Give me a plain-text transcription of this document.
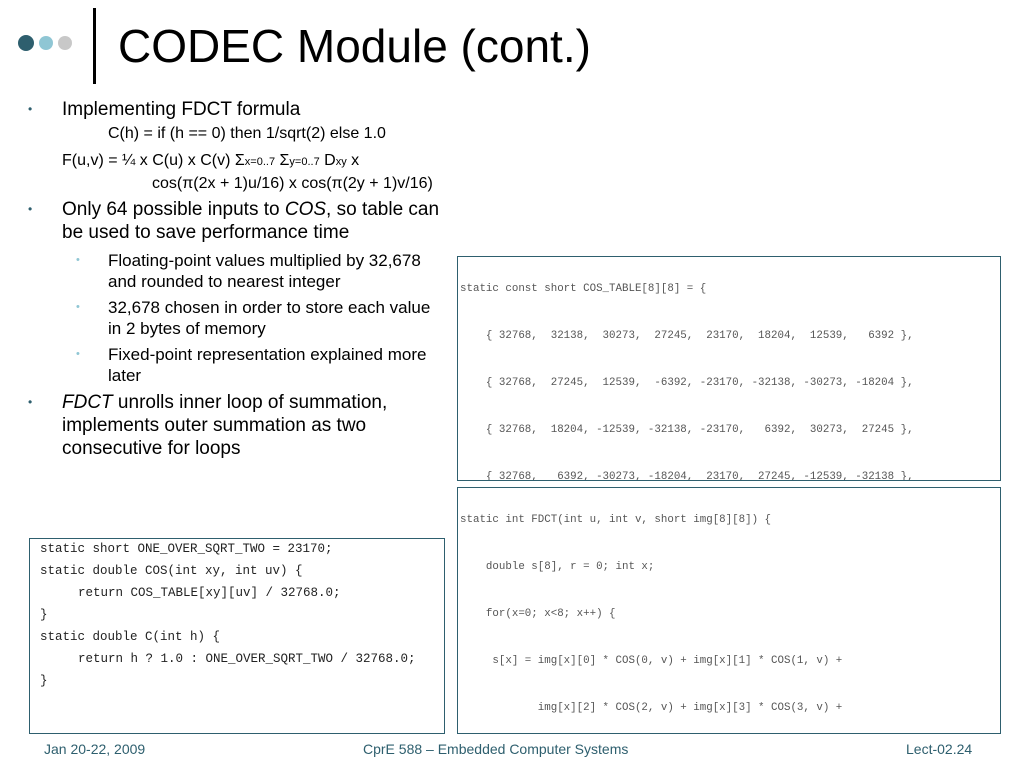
CODEC Module (cont.)
• Implementing FDCT formula
C(h) = if (h == 0) then 1/sqrt(2) else 1.0
F(u,v) = ¼ x C(u) x C(v) Σx=0..7 Σy=0..7 Dxy x
cos(π(2x + 1)u/16) x cos(π(2y + 1)v/16)
• Only 64 possible inputs to COS, so table can be used to save performance time
• Floating-point values multiplied by 32,678 and rounded to nearest integer
• 32,678 chosen in order to store each value in 2 bytes of memory
• Fixed-point representation explained more later
• FDCT unrolls inner loop of summation, implements outer summation as two consecutive for loops

static const short COS_TABLE[8][8] = {

{ 32768,  32138,  30273,  27245,  23170,  18204,  12539,   6392 },

{ 32768,  27245,  12539,  -6392, -23170, -32138, -30273, -18204 },

{ 32768,  18204, -12539, -32138, -23170,   6392,  30273,  27245 },

{ 32768,   6392, -30273, -18204,  23170,  27245, -12539, -32138 },

static int FDCT(int u, int v, short img[8][8]) {

double s[8], r = 0; int x;

for(x=0; x<8; x++) {

s[x] = img[x][0] * COS(0, v) + img[x][1] * COS(1, v) +

img[x][2] * COS(2, v) + img[x][3] * COS(3, v) +

static short ONE_OVER_SQRT_TWO = 23170;
static double COS(int xy, int uv) {
return COS_TABLE[xy][uv] / 32768.0;
}
static double C(int h) {
return h ? 1.0 : ONE_OVER_SQRT_TWO / 32768.0;
}
Jan 20-22, 2009	CprE 588 – Embedded Computer Systems	Lect-02.24
